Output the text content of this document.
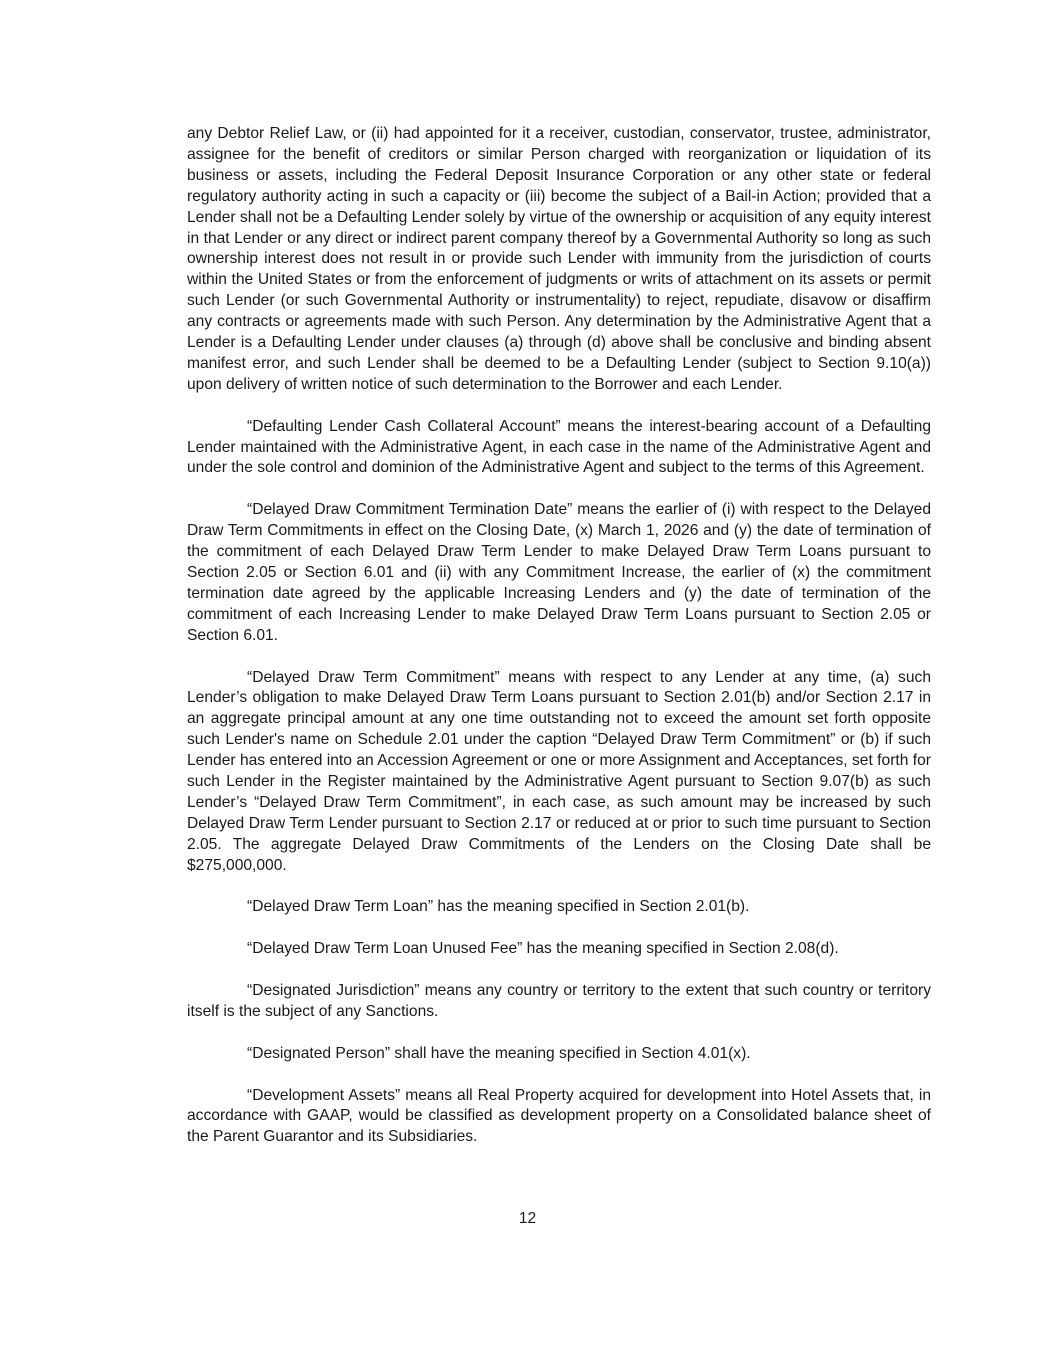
any Debtor Relief Law, or (ii) had appointed for it a receiver, custodian, conservator, trustee, administrator, assignee for the benefit of creditors or similar Person charged with reorganization or liquidation of its business or assets, including the Federal Deposit Insurance Corporation or any other state or federal regulatory authority acting in such a capacity or (iii) become the subject of a Bail-in Action; provided that a Lender shall not be a Defaulting Lender solely by virtue of the ownership or acquisition of any equity interest in that Lender or any direct or indirect parent company thereof by a Governmental Authority so long as such ownership interest does not result in or provide such Lender with immunity from the jurisdiction of courts within the United States or from the enforcement of judgments or writs of attachment on its assets or permit such Lender (or such Governmental Authority or instrumentality) to reject, repudiate, disavow or disaffirm any contracts or agreements made with such Person. Any determination by the Administrative Agent that a Lender is a Defaulting Lender under clauses (a) through (d) above shall be conclusive and binding absent manifest error, and such Lender shall be deemed to be a Defaulting Lender (subject to Section 9.10(a)) upon delivery of written notice of such determination to the Borrower and each Lender.

“Defaulting Lender Cash Collateral Account” means the interest-bearing account of a Defaulting Lender maintained with the Administrative Agent, in each case in the name of the Administrative Agent and under the sole control and dominion of the Administrative Agent and subject to the terms of this Agreement.

“Delayed Draw Commitment Termination Date” means the earlier of (i) with respect to the Delayed Draw Term Commitments in effect on the Closing Date, (x) March 1, 2026 and (y) the date of termination of the commitment of each Delayed Draw Term Lender to make Delayed Draw Term Loans pursuant to Section 2.05 or Section 6.01 and (ii) with any Commitment Increase, the earlier of (x) the commitment termination date agreed by the applicable Increasing Lenders and (y) the date of termination of the commitment of each Increasing Lender to make Delayed Draw Term Loans pursuant to Section 2.05 or Section 6.01.

“Delayed Draw Term Commitment” means with respect to any Lender at any time, (a) such Lender’s obligation to make Delayed Draw Term Loans pursuant to Section 2.01(b) and/or Section 2.17 in an aggregate principal amount at any one time outstanding not to exceed the amount set forth opposite such Lender's name on Schedule 2.01 under the caption “Delayed Draw Term Commitment” or (b) if such Lender has entered into an Accession Agreement or one or more Assignment and Acceptances, set forth for such Lender in the Register maintained by the Administrative Agent pursuant to Section 9.07(b) as such Lender’s “Delayed Draw Term Commitment”, in each case, as such amount may be increased by such Delayed Draw Term Lender pursuant to Section 2.17 or reduced at or prior to such time pursuant to Section 2.05. The aggregate Delayed Draw Commitments of the Lenders on the Closing Date shall be $275,000,000.

“Delayed Draw Term Loan” has the meaning specified in Section 2.01(b).

“Delayed Draw Term Loan Unused Fee” has the meaning specified in Section 2.08(d).

“Designated Jurisdiction” means any country or territory to the extent that such country or territory itself is the subject of any Sanctions.

“Designated Person” shall have the meaning specified in Section 4.01(x).

“Development Assets” means all Real Property acquired for development into Hotel Assets that, in accordance with GAAP, would be classified as development property on a Consolidated balance sheet of the Parent Guarantor and its Subsidiaries.

12
